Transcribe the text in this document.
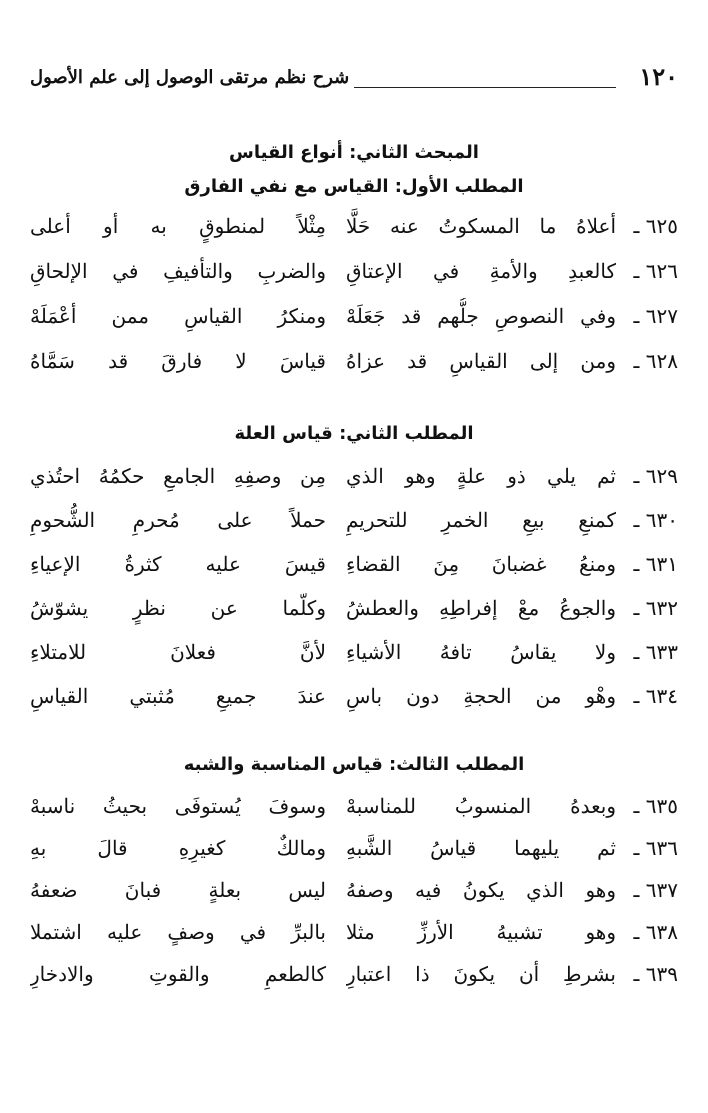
١٢٠
شرح نظم مرتقى الوصول إلى علم الأصول
المبحث الثاني: أنواع القياس
المطلب الأول: القياس مع نفي الفارق
٦٢٥ ـ
أعلاهُ ما المسكوتُ عنه حَلَّا
مِثْلاً لمنطوقٍ به أو أعلى
٦٢٦ ـ
كالعبدِ والأمةِ في الإعتاقِ
والضربِ والتأفيفِ في الإلحاقِ
٦٢٧ ـ
وفي النصوصِ جلُّهم قد جَعَلَهْ
ومنكرُ القياسِ ممن أعْمَلَهْ
٦٢٨ ـ
ومن إلى القياسِ قد عزاهُ
قياسَ لا فارقَ قد سَمَّاهُ
المطلب الثاني: قياس العلة
٦٢٩ ـ
ثم يلي ذو علةٍ وهو الذي
مِن وصفِهِ الجامعِ حكمُهُ احتُذي
٦٣٠ ـ
كمنعِ بيعِ الخمرِ للتحريمِ
حملاً على مُحرمِ الشُّحومِ
٦٣١ ـ
ومنعُ غضبانَ مِنَ القضاءِ
قيسَ عليه كثرةُ الإعياءِ
٦٣٢ ـ
والجوعُ معْ إفراطِهِ والعطشُ
وكلّما عن نظرٍ يشوّشُ
٦٣٣ ـ
ولا يقاسُ تافهُ الأشياءِ
لأنَّ فعلانَ للامتلاءِ
٦٣٤ ـ
وهْو من الحجةِ دون باسِ
عندَ جميعِ مُثبتي القياسِ
المطلب الثالث: قياس المناسبة والشبه
٦٣٥ ـ
وبعدهُ المنسوبُ للمناسبهْ
وسوفَ يُستوفَى بحيثُ ناسبهْ
٦٣٦ ـ
ثم يليهما قياسُ الشَّبهِ
ومالكٌ كغيرِهِ قالَ بهِ
٦٣٧ ـ
وهو الذي يكونُ فيه وصفهُ
ليس بعلةٍ فبانَ ضعفهُ
٦٣٨ ـ
وهو تشبيهُ الأرزِّ مثلا
بالبرِّ في وصفٍ عليه اشتملا
٦٣٩ ـ
بشرطِ أن يكونَ ذا اعتبارِ
كالطعمِ والقوتِ والادخارِ
